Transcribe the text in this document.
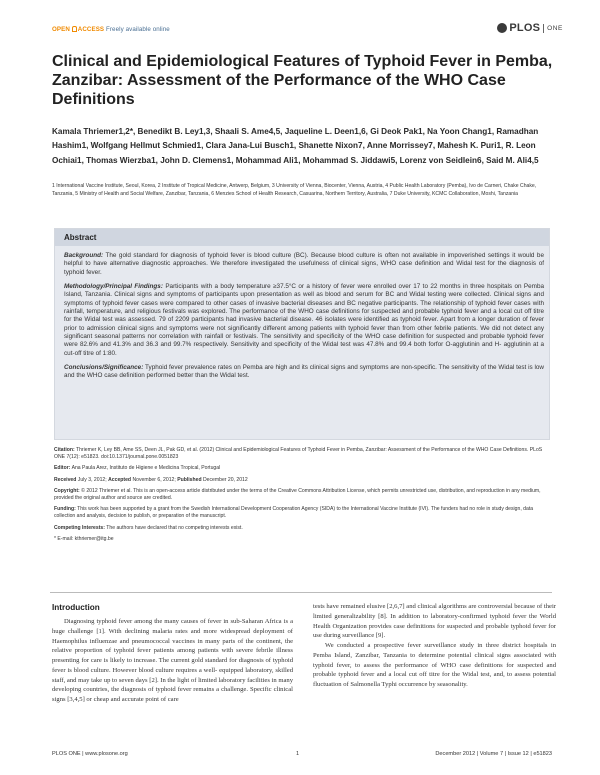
OPEN ACCESS Freely available online	PLOS ONE
Clinical and Epidemiological Features of Typhoid Fever in Pemba, Zanzibar: Assessment of the Performance of the WHO Case Definitions
Kamala Thriemer1,2*, Benedikt B. Ley1,3, Shaali S. Ame4,5, Jaqueline L. Deen1,6, Gi Deok Pak1, Na Yoon Chang1, Ramadhan Hashim1, Wolfgang Hellmut Schmied1, Clara Jana-Lui Busch1, Shanette Nixon7, Anne Morrissey7, Mahesh K. Puri1, R. Leon Ochiai1, Thomas Wierzba1, John D. Clemens1, Mohammad Ali1, Mohammad S. Jiddawi5, Lorenz von Seidlein6, Said M. Ali4,5
1 International Vaccine Institute, Seoul, Korea, 2 Institute of Tropical Medicine, Antwerp, Belgium, 3 University of Vienna, Biocenter, Vienna, Austria, 4 Public Health Laboratory (Pemba), Ivo de Carneri, Chake Chake, Tanzania, 5 Ministry of Health and Social Welfare, Zanzibar, Tanzania, 6 Menzies School of Health Research, Casuarina, Northern Territory, Australia, 7 Duke University, KCMC Collaboration, Moshi, Tanzania
Abstract

Background: The gold standard for diagnosis of typhoid fever is blood culture (BC). Because blood culture is often not available in impoverished settings it would be helpful to have alternative diagnostic approaches. We therefore investigated the usefulness of clinical signs, WHO case definition and Widal test for the diagnosis of typhoid fever.

Methodology/Principal Findings: Participants with a body temperature ≥37.5°C or a history of fever were enrolled over 17 to 22 months in three hospitals on Pemba Island, Tanzania. Clinical signs and symptoms of participants upon presentation as well as blood and serum for BC and Widal testing were collected. Clinical signs and symptoms of typhoid fever cases were compared to other cases of invasive bacterial diseases and BC negative participants. The relationship of typhoid fever cases with rainfall, temperature, and religious festivals was explored. The performance of the WHO case definitions for suspected and probable typhoid fever and a local cut off titre for the Widal test was assessed. 79 of 2209 participants had invasive bacterial disease. 46 isolates were identified as typhoid fever. Apart from a longer duration of fever prior to admission clinical signs and symptoms were not significantly different among patients with typhoid fever than from other febrile patients. We did not detect any significant seasonal patterns nor correlation with rainfall or festivals. The sensitivity and specificity of the WHO case definition for suspected and probable typhoid fever were 82.6% and 41.3% and 36.3 and 99.7% respectively. Sensitivity and specificity of the Widal test was 47.8% and 99.4 both forfor O-agglutinin and H- agglutinin at a cut-off titre of 1:80.

Conclusions/Significance: Typhoid fever prevalence rates on Pemba are high and its clinical signs and symptoms are non-specific. The sensitivity of the Widal test is low and the WHO case definition performed better than the Widal test.

Citation: Thriemer K, Ley BB, Ame SS, Deen JL, Pak GD, et al. (2012) Clinical and Epidemiological Features of Typhoid Fever in Pemba, Zanzibar: Assessment of the Performance of the WHO Case Definitions. PLoS ONE 7(12): e51823. doi:10.1371/journal.pone.0051823

Editor: Ana Paula Arez, Instituto de Higiene e Medicina Tropical, Portugal

Received July 3, 2012; Accepted November 6, 2012; Published December 20, 2012

Copyright: © 2012 Thriemer et al. This is an open-access article distributed under the terms of the Creative Commons Attribution License, which permits unrestricted use, distribution, and reproduction in any medium, provided the original author and source are credited.

Funding: This work has been supported by a grant from the Swedish International Development Cooperation Agency (SIDA) to the International Vaccine Institute (IVI). The funders had no role in study design, data collection and analysis, decision to publish, or preparation of the manuscript.

Competing Interests: The authors have declared that no competing interests exist.

* E-mail: kthriemer@itg.be

Introduction
Diagnosing typhoid fever among the many causes of fever in sub-Saharan Africa is a huge challenge [1]. With declining malaria rates and more widespread deployment of Haemophilus influenzae and pneumococcal vaccines in many parts of the continent, the relative proportion of typhoid fever patients among patients with severe febrile illness presenting for care is likely to increase. The current gold standard for diagnosis of typhoid fever is blood culture. However blood culture requires a well- equipped laboratory, skilled staff, and may take up to seven days [2]. In the light of limited laboratory facilities in many developing countries, the diagnosis of typhoid fever remains a challenge. Specific clinical signs [3,4,5] or cheap and accurate point of care

tests have remained elusive [2,6,7] and clinical algorithms are controversial because of their limited generalizability [8]. In addition to laboratory-confirmed typhoid fever the World Health Organization provides case definitions for suspected and probable typhoid fever for use during surveillance [9].

We conducted a prospective fever surveillance study in three district hospitals in Pemba Island, Zanzibar, Tanzania to determine potential clinical signs associated with typhoid fever, to assess the performance of WHO case definitions for suspected and probable typhoid fever and a local cut off titre for the Widal test, and, to assess potential fluctuation of Salmonella Typhi occurrence by seasonality.

PLOS ONE | www.plosone.org	1	December 2012 | Volume 7 | Issue 12 | e51823
